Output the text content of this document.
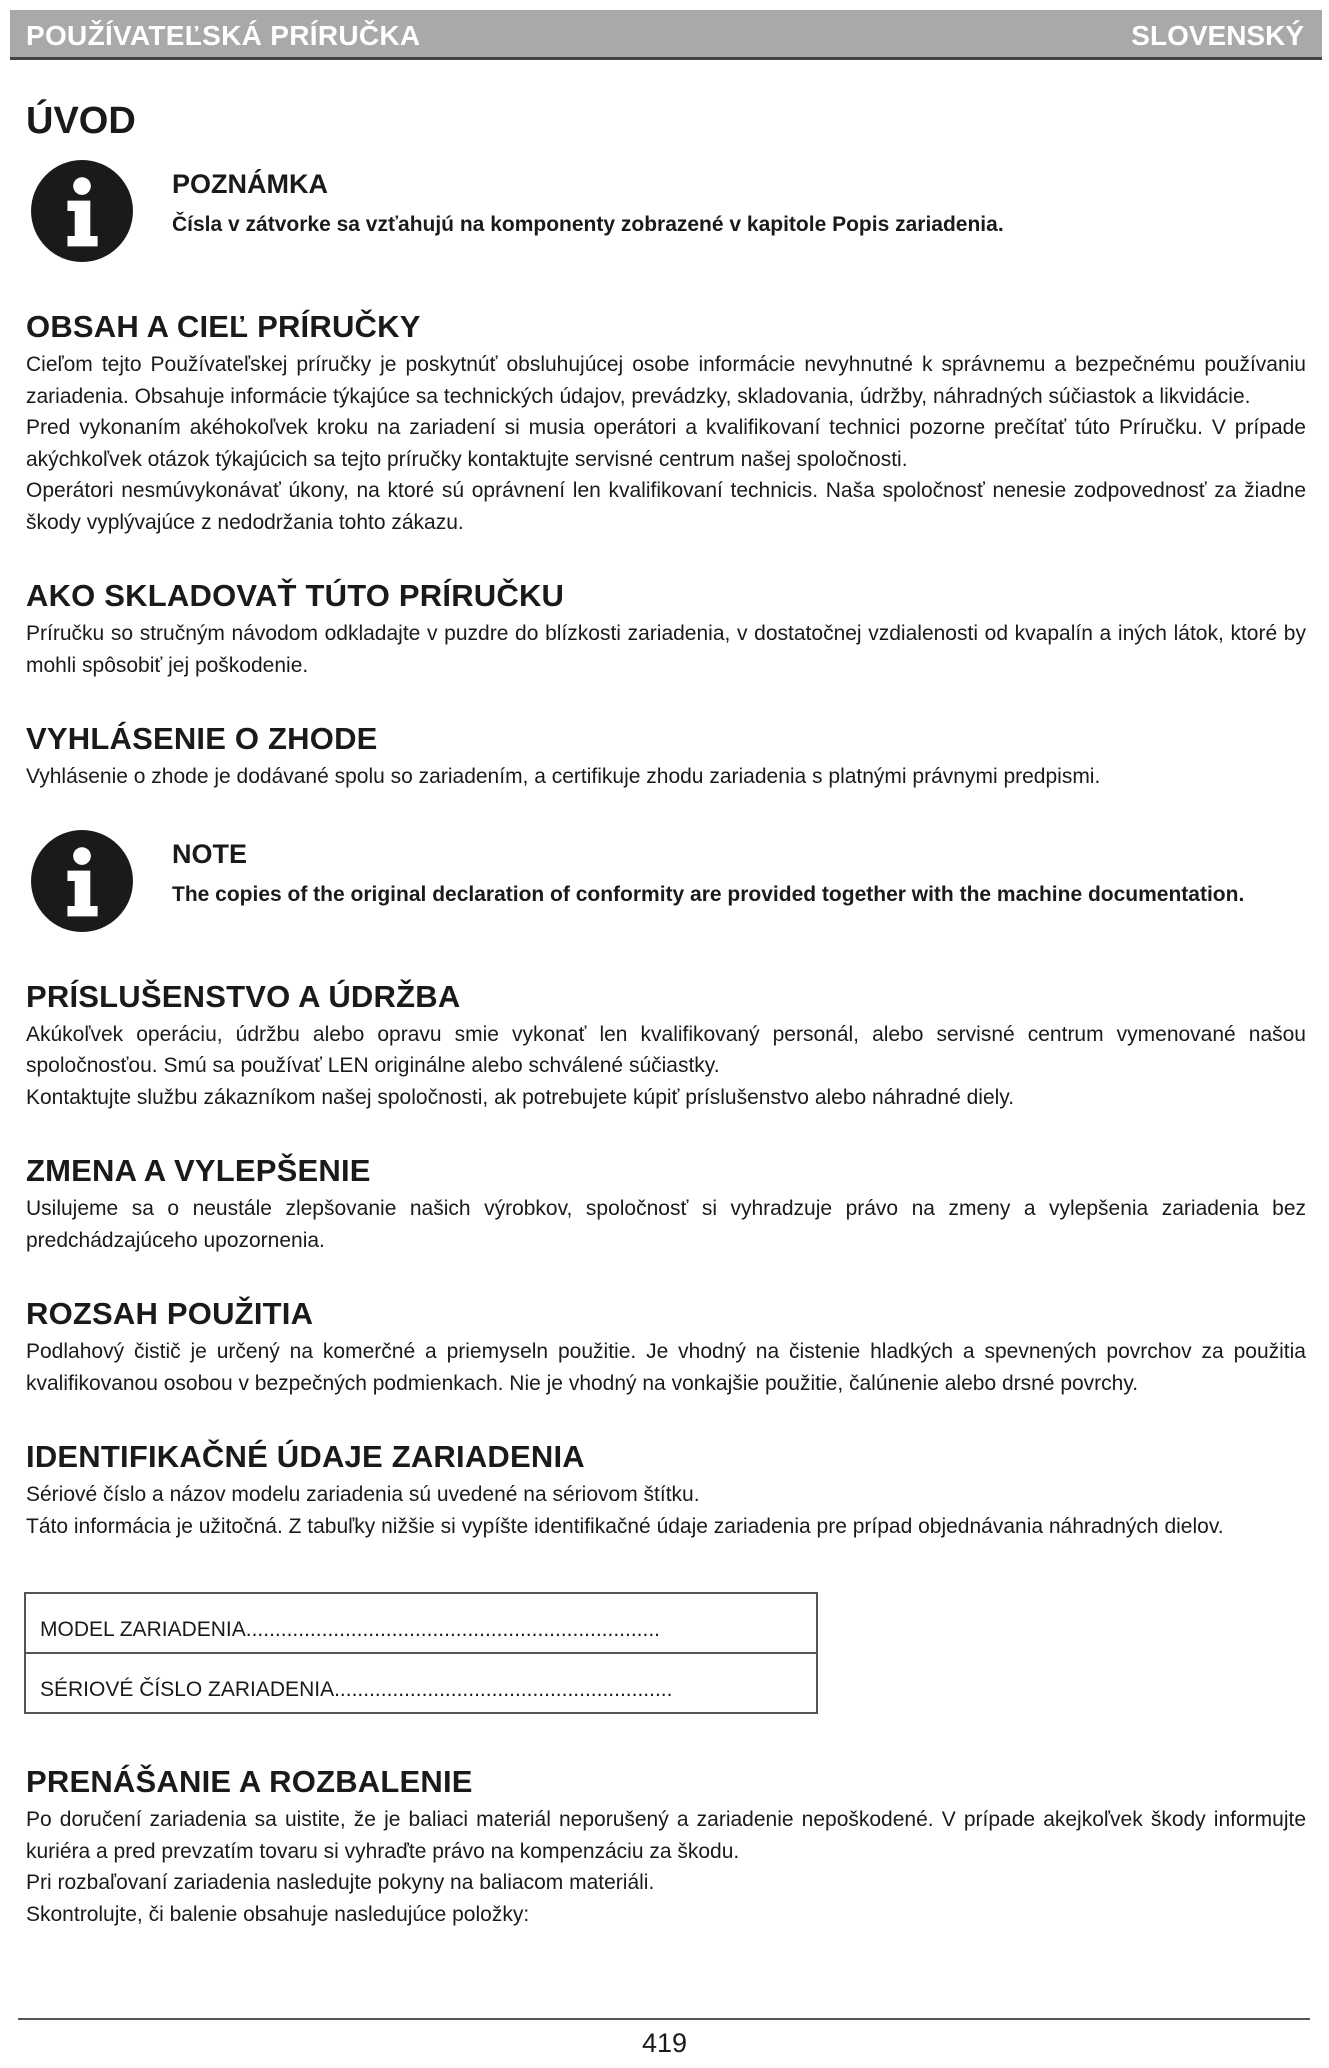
POUŽÍVATEĽSKÁ PRÍRUČKA	SLOVENSKÝ
ÚVOD
POZNÁMKA
Čísla v zátvorke sa vzťahujú na komponenty zobrazené v kapitole Popis zariadenia.
OBSAH A CIEĽ PRÍRUČKY

Cieľom tejto Používateľskej príručky je poskytnúť obsluhujúcej osobe informácie nevyhnutné k správnemu a bezpečnému používaniu zariadenia. Obsahuje informácie týkajúce sa technických údajov, prevádzky, skladovania, údržby, náhradných súčiastok a likvidácie.

Pred vykonaním akéhokoľvek kroku na zariadení si musia operátori a kvalifikovaní technici pozorne prečítať túto Príručku. V prípade akýchkoľvek otázok týkajúcich sa tejto príručky kontaktujte servisné centrum našej spoločnosti.

Operátori nesmúvykonávať úkony, na ktoré sú oprávnení len kvalifikovaní technicis. Naša spoločnosť nenesie zodpovednosť za žiadne škody vyplývajúce z nedodržania tohto zákazu.

AKO SKLADOVAŤ TÚTO PRÍRUČKU

Príručku so stručným návodom odkladajte v puzdre do blízkosti zariadenia, v dostatočnej vzdialenosti od kvapalín a iných látok, ktoré by mohli spôsobiť jej poškodenie.

VYHLÁSENIE O ZHODE

Vyhlásenie o zhode je dodávané spolu so zariadením, a certifikuje zhodu zariadenia s platnými právnymi predpismi.

NOTE
The copies of the original declaration of conformity are provided together with the machine documentation.
PRÍSLUŠENSTVO A ÚDRŽBA

Akúkoľvek operáciu, údržbu alebo opravu smie vykonať len kvalifikovaný personál, alebo servisné centrum vymenované našou spoločnosťou. Smú sa používať LEN originálne alebo schválené súčiastky.

Kontaktujte službu zákazníkom našej spoločnosti, ak potrebujete kúpiť príslušenstvo alebo náhradné diely.

ZMENA A VYLEPŠENIE

Usilujeme sa o neustále zlepšovanie našich výrobkov, spoločnosť si vyhradzuje právo na zmeny a vylepšenia zariadenia bez predchádzajúceho upozornenia.

ROZSAH POUŽITIA

Podlahový čistič je určený na komerčné a priemyseln použitie. Je vhodný na čistenie hladkých a spevnených povrchov za použitia kvalifikovanou osobou v bezpečných podmienkach. Nie je vhodný na vonkajšie použitie, čalúnenie alebo drsné povrchy.

IDENTIFIKAČNÉ ÚDAJE ZARIADENIA

Sériové číslo a názov modelu zariadenia sú uvedené na sériovom štítku.

Táto informácia je užitočná. Z tabuľky nižšie si vypíšte identifikačné údaje zariadenia pre prípad objednávania náhradných dielov.

MODEL ZARIADENIA.......................................................................
SÉRIOVÉ ČÍSLO ZARIADENIA..........................................................
PRENÁŠANIE A ROZBALENIE

Po doručení zariadenia sa uistite, že je baliaci materiál neporušený a zariadenie nepoškodené. V prípade akejkoľvek škody informujte kuriéra a pred prevzatím tovaru si vyhraďte právo na kompenzáciu za škodu.

Pri rozbaľovaní zariadenia nasledujte pokyny na baliacom materiáli.

Skontrolujte, či balenie obsahuje nasledujúce položky:

419
